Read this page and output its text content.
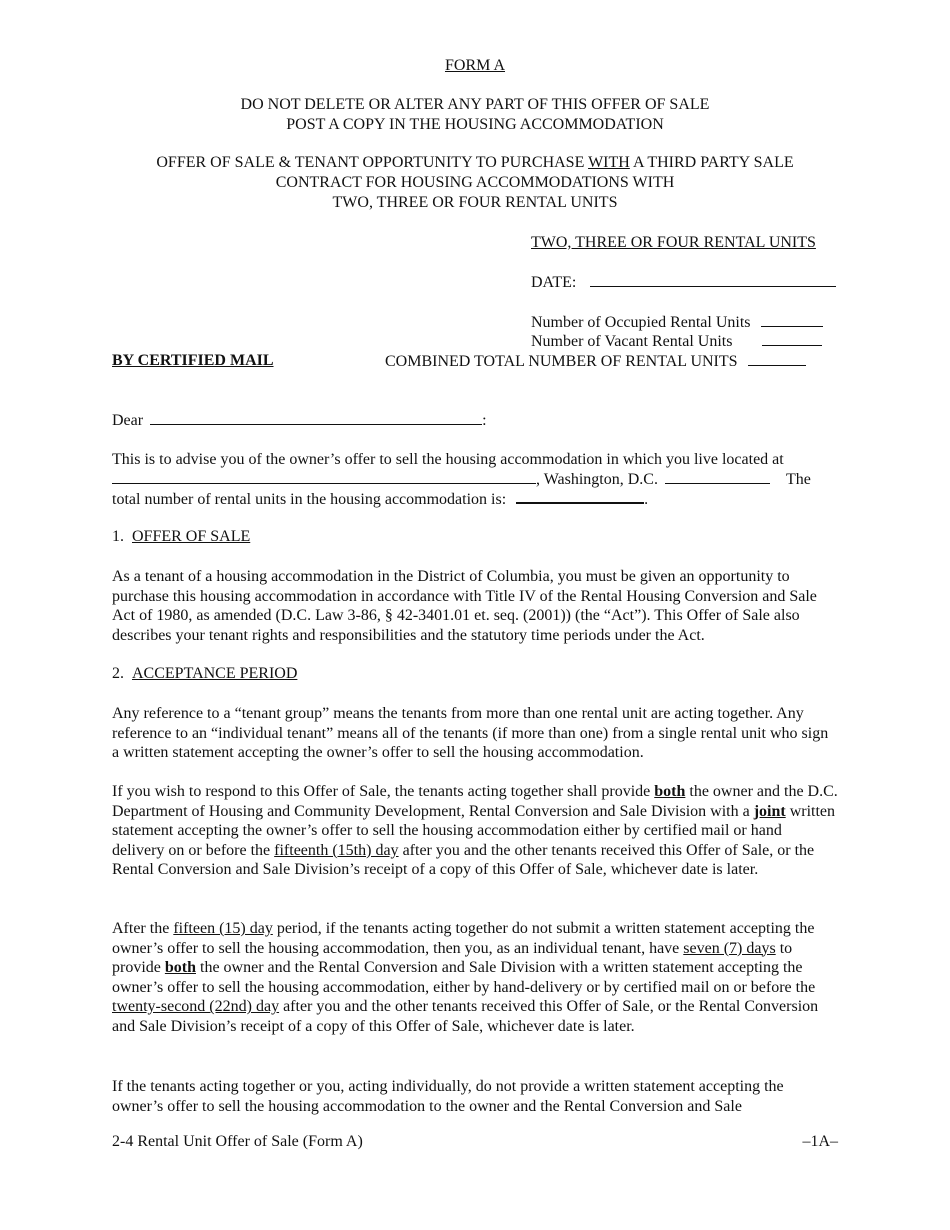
FORM A
DO NOT DELETE OR ALTER ANY PART OF THIS OFFER OF SALE
POST A COPY IN THE HOUSING ACCOMMODATION
OFFER OF SALE & TENANT OPPORTUNITY TO PURCHASE WITH A THIRD PARTY SALE
CONTRACT FOR HOUSING ACCOMMODATIONS WITH
TWO, THREE OR FOUR RENTAL UNITS
TWO, THREE OR FOUR RENTAL UNITS
DATE:
Number of Occupied Rental Units
Number of Vacant Rental Units
BY CERTIFIED MAIL	COMBINED TOTAL NUMBER OF RENTAL UNITS
Dear	:
This is to advise you of the owner’s offer to sell the housing accommodation in which you live located at
, Washington, D.C.	The
total number of rental units in the housing accommodation is:	.
1. OFFER OF SALE

As a tenant of a housing accommodation in the District of Columbia, you must be given an opportunity to purchase this housing accommodation in accordance with Title IV of the Rental Housing Conversion and Sale Act of 1980, as amended (D.C. Law 3-86, § 42-3401.01 et. seq. (2001)) (the “Act”). This Offer of Sale also describes your tenant rights and responsibilities and the statutory time periods under the Act.

2. ACCEPTANCE PERIOD

Any reference to a “tenant group” means the tenants from more than one rental unit are acting together. Any reference to an “individual tenant” means all of the tenants (if more than one) from a single rental unit who sign a written statement accepting the owner’s offer to sell the housing accommodation.

If you wish to respond to this Offer of Sale, the tenants acting together shall provide both the owner and the D.C. Department of Housing and Community Development, Rental Conversion and Sale Division with a joint written statement accepting the owner’s offer to sell the housing accommodation either by certified mail or hand delivery on or before the fifteenth (15th) day after you and the other tenants received this Offer of Sale, or the Rental Conversion and Sale Division’s receipt of a copy of this Offer of Sale, whichever date is later.

After the fifteen (15) day period, if the tenants acting together do not submit a written statement accepting the owner’s offer to sell the housing accommodation, then you, as an individual tenant, have seven (7) days to provide both the owner and the Rental Conversion and Sale Division with a written statement accepting the owner’s offer to sell the housing accommodation, either by hand-delivery or by certified mail on or before the twenty-second (22nd) day after you and the other tenants received this Offer of Sale, or the Rental Conversion and Sale Division’s receipt of a copy of this Offer of Sale, whichever date is later.

If the tenants acting together or you, acting individually, do not provide a written statement accepting the owner’s offer to sell the housing accommodation to the owner and the Rental Conversion and Sale

2-4 Rental Unit Offer of Sale (Form A)	–1A–
